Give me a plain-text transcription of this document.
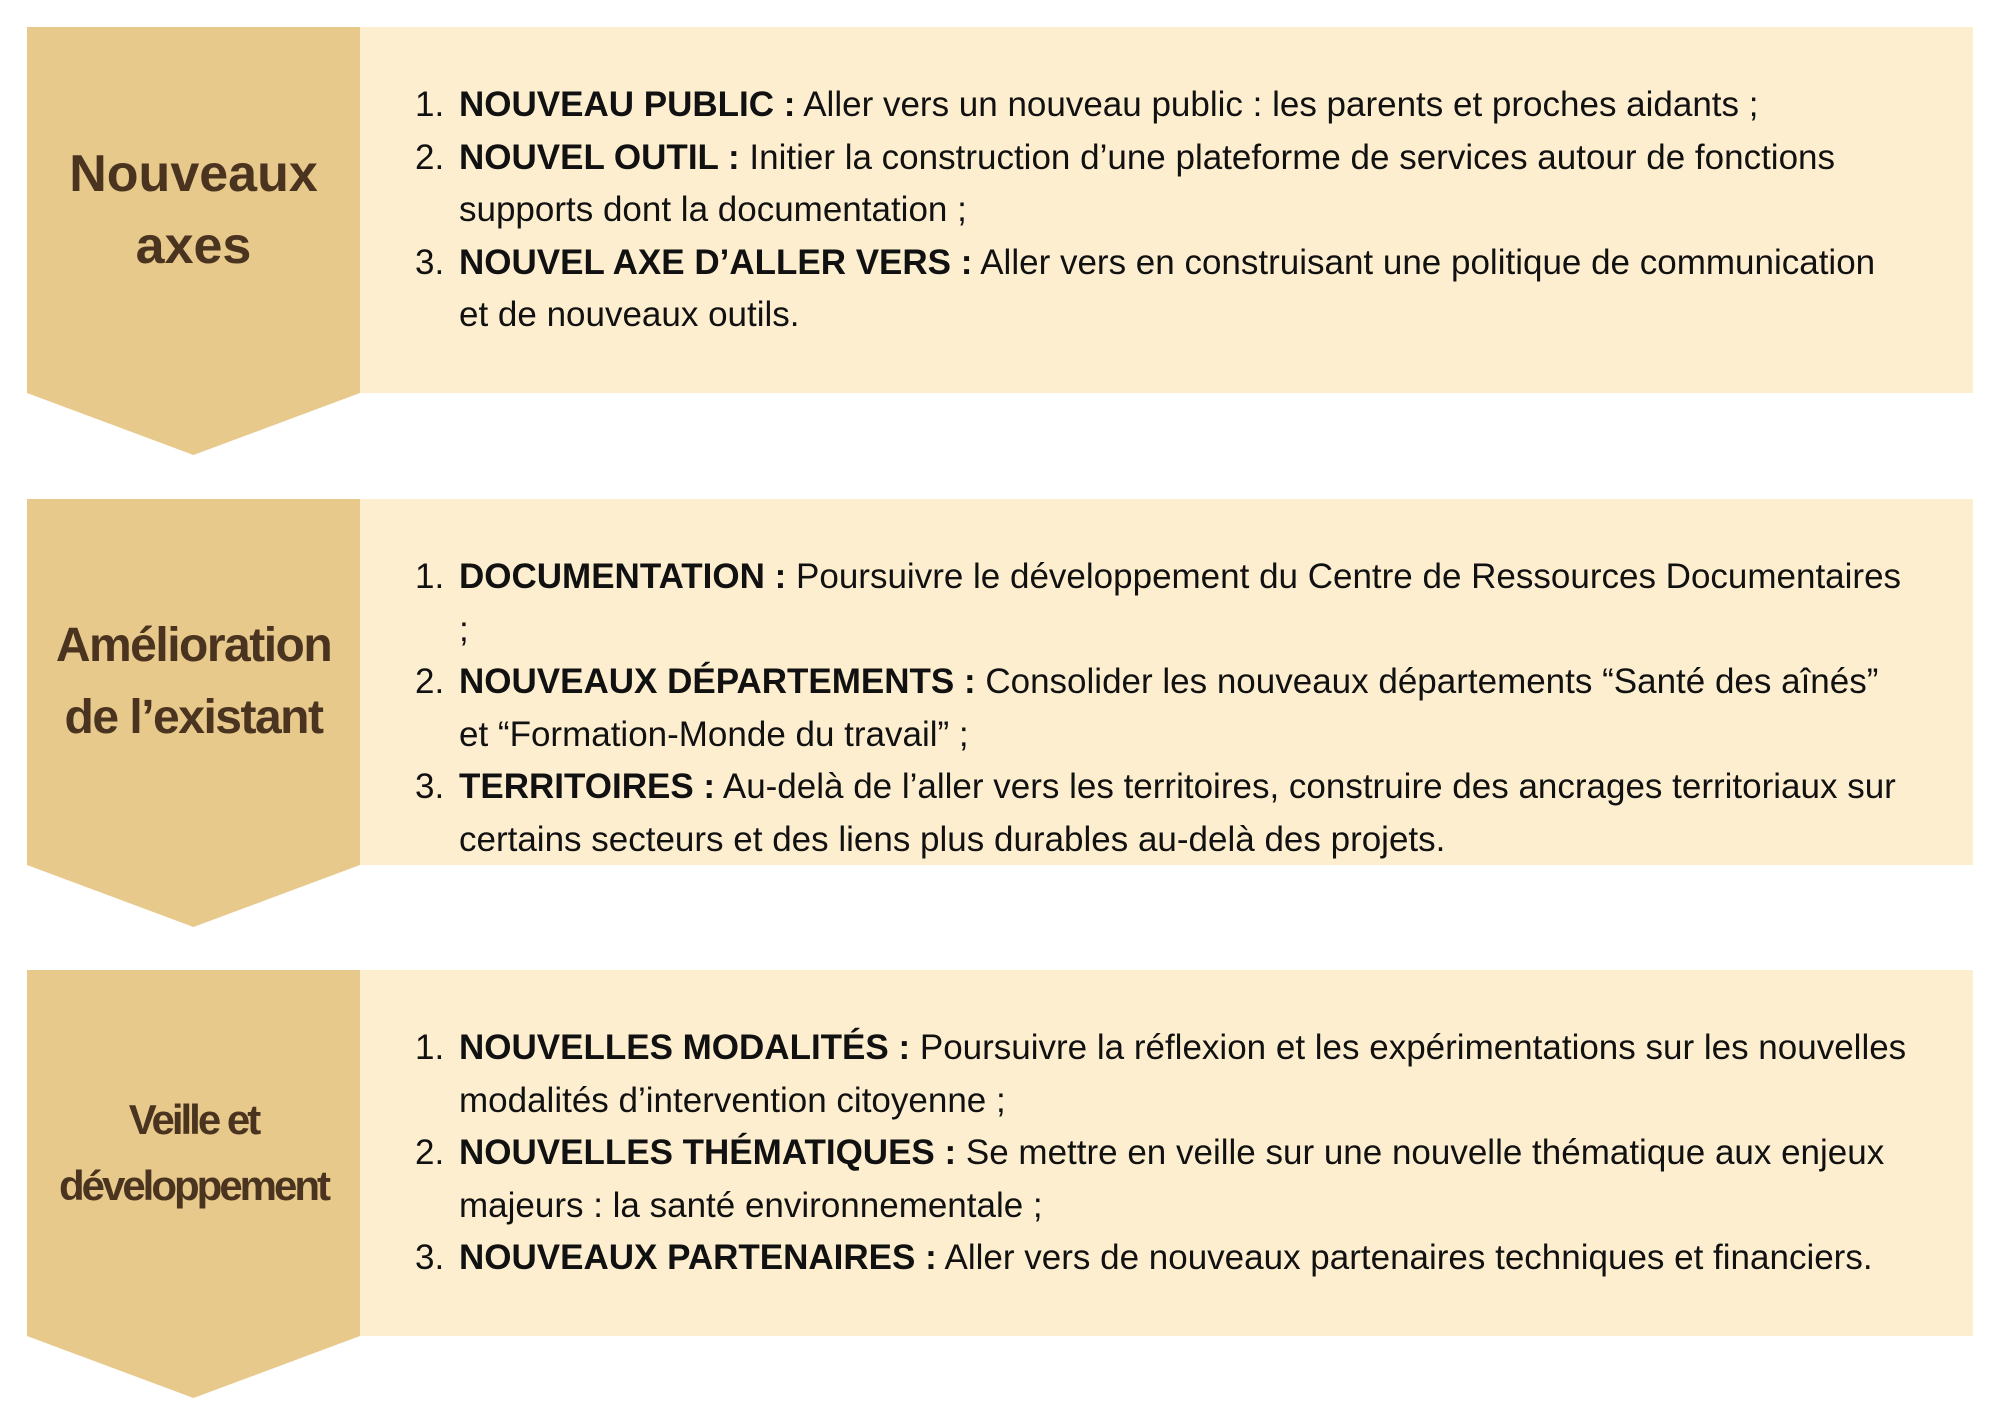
Nouveaux axes
1. NOUVEAU PUBLIC : Aller vers un nouveau public : les parents et proches aidants ;
2. NOUVEL OUTIL : Initier la construction d’une plateforme de services autour de fonctions supports dont la documentation ;
3. NOUVEL AXE D’ALLER VERS : Aller vers en construisant une politique de communication et de nouveaux outils.
Amélioration de l’existant
1. DOCUMENTATION : Poursuivre le développement du Centre de Ressources Documentaires ;
2. NOUVEAUX DÉPARTEMENTS : Consolider les nouveaux départements “Santé des aînés” et “Formation-Monde du travail” ;
3. TERRITOIRES : Au-delà de l’aller vers les territoires, construire des ancrages territoriaux sur certains secteurs et des liens plus durables au-delà des projets.
Veille et développement
1. NOUVELLES MODALITÉS : Poursuivre la réflexion et les expérimentations sur les nouvelles modalités d’intervention citoyenne ;
2. NOUVELLES THÉMATIQUES : Se mettre en veille sur une nouvelle thématique aux enjeux majeurs : la santé environnementale ;
3. NOUVEAUX PARTENAIRES : Aller vers de nouveaux partenaires techniques et financiers.
